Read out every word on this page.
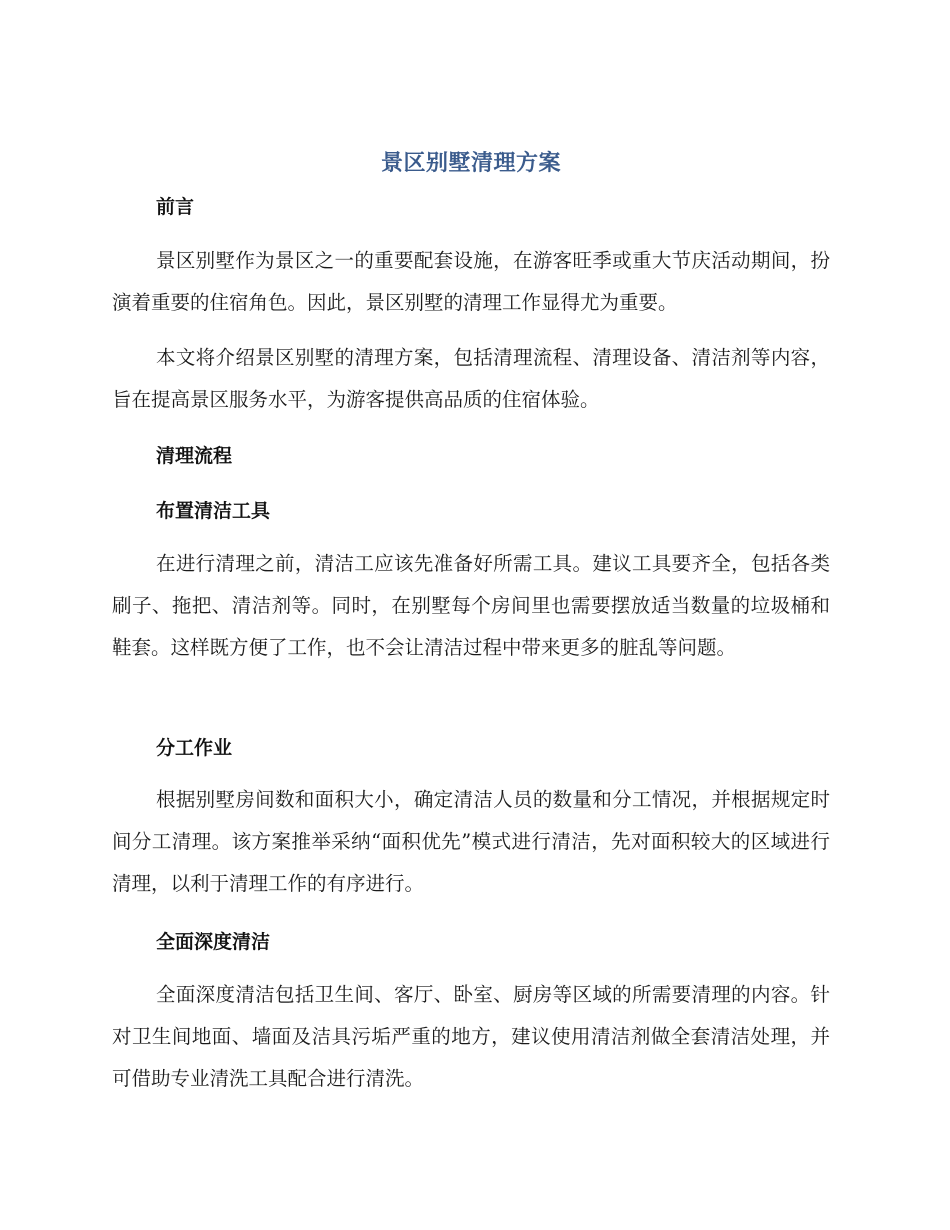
景区别墅清理方案
前言

景区别墅作为景区之一的重要配套设施，在游客旺季或重大节庆活动期间，扮演着重要的住宿角色。因此，景区别墅的清理工作显得尤为重要。

本文将介绍景区别墅的清理方案，包括清理流程、清理设备、清洁剂等内容，旨在提高景区服务水平，为游客提供高品质的住宿体验。

清理流程
布置清洁工具

在进行清理之前，清洁工应该先准备好所需工具。建议工具要齐全，包括各类刷子、拖把、清洁剂等。同时，在别墅每个房间里也需要摆放适当数量的垃圾桶和鞋套。这样既方便了工作，也不会让清洁过程中带来更多的脏乱等问题。

分工作业

根据别墅房间数和面积大小，确定清洁人员的数量和分工情况，并根据规定时间分工清理。该方案推举采纳“面积优先”模式进行清洁，先对面积较大的区域进行清理，以利于清理工作的有序进行。

全面深度清洁

全面深度清洁包括卫生间、客厅、卧室、厨房等区域的所需要清理的内容。针对卫生间地面、墙面及洁具污垢严重的地方，建议使用清洁剂做全套清洁处理，并可借助专业清洗工具配合进行清洗。
